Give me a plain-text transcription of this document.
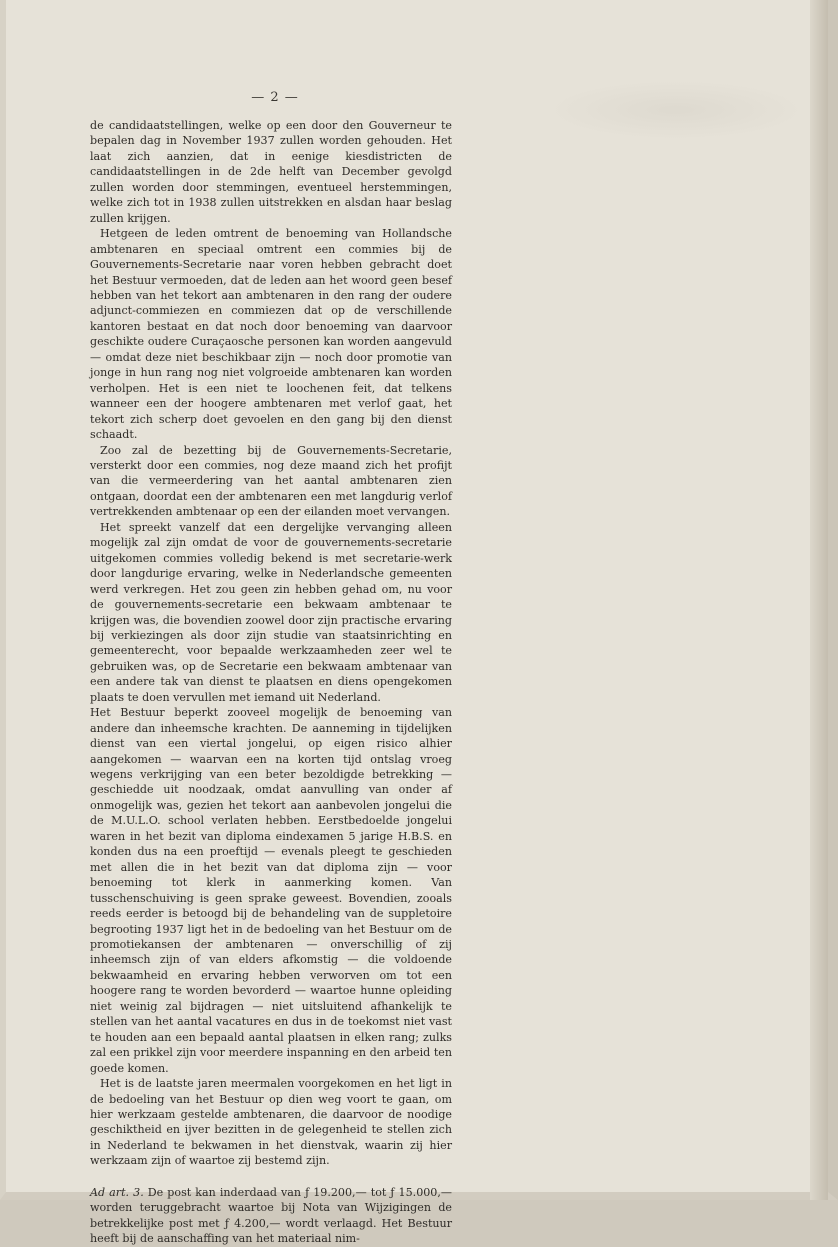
— 2 —

de candidaatstellingen, welke op een door den Gouverneur te bepalen dag in November 1937 zullen worden gehouden. Het laat zich aanzien, dat in eenige kiesdistricten de candidaatstellingen in de 2de helft van December gevolgd zullen worden door stemmingen, eventueel herstemmingen, welke zich tot in 1938 zullen uitstrekken en alsdan haar beslag zullen krijgen.

Hetgeen de leden omtrent de benoeming van Hollandsche ambtenaren en speciaal omtrent een commies bij de Gouvernements-Secretarie naar voren hebben gebracht doet het Bestuur vermoeden, dat de leden aan het woord geen besef hebben van het tekort aan ambtenaren in den rang der oudere adjunct-commiezen en commiezen dat op de verschillende kantoren bestaat en dat noch door benoeming van daarvoor geschikte oudere Curaçaosche personen kan worden aangevuld — omdat deze niet beschikbaar zijn — noch door promotie van jonge in hun rang nog niet volgroeide ambtenaren kan worden verholpen. Het is een niet te loochenen feit, dat telkens wanneer een der hoogere ambtenaren met verlof gaat, het tekort zich scherp doet gevoelen en den gang bij den dienst schaadt.

Zoo zal de bezetting bij de Gouvernements-Secretarie, versterkt door een commies, nog deze maand zich het profijt van die vermeerdering van het aantal ambtenaren zien ontgaan, doordat een der ambtenaren een met langdurig verlof vertrekkenden ambtenaar op een der eilanden moet vervangen.

Het spreekt vanzelf dat een dergelijke vervanging alleen mogelijk zal zijn omdat de voor de gouvernements-secretarie uitgekomen commies volledig bekend is met secretarie-werk door langdurige ervaring, welke in Nederlandsche gemeenten werd verkregen. Het zou geen zin hebben gehad om, nu voor de gouvernements-secretarie een bekwaam ambtenaar te krijgen was, die bovendien zoowel door zijn practische ervaring bij verkiezingen als door zijn studie van staatsinrichting en gemeenterecht, voor bepaalde werkzaamheden zeer wel te gebruiken was, op de Secretarie een bekwaam ambtenaar van een andere tak van dienst te plaatsen en diens opengekomen plaats te doen vervullen met iemand uit Nederland.

Het Bestuur beperkt zooveel mogelijk de benoeming van andere dan inheemsche krachten. De aanneming in tijdelijken dienst van een viertal jongelui, op eigen risico alhier aangekomen — waarvan een na korten tijd ontslag vroeg wegens verkrijging van een beter bezoldigde betrekking — geschiedde uit noodzaak, omdat aanvulling van onder af onmogelijk was, gezien het tekort aan aanbevolen jongelui die de M.U.L.O. school verlaten hebben. Eerstbedoelde jongelui waren in het bezit van diploma eindexamen 5 jarige H.B.S. en konden dus na een proeftijd — evenals pleegt te geschieden met allen die in het bezit van dat diploma zijn — voor benoeming tot klerk in aanmerking komen. Van tusschenschuiving is geen sprake geweest. Bovendien, zooals reeds eerder is betoogd bij de behandeling van de suppletoire begrooting 1937 ligt het in de bedoeling van het Bestuur om de promotiekansen der ambtenaren — onverschillig of zij inheemsch zijn of van elders afkomstig — die voldoende bekwaamheid en ervaring hebben verworven om tot een hoogere rang te worden bevorderd — waartoe hunne opleiding niet weinig zal bijdragen — niet uitsluitend afhankelijk te stellen van het aantal vacatures en dus in de toekomst niet vast te houden aan een bepaald aantal plaatsen in elken rang; zulks zal een prikkel zijn voor meerdere inspanning en den arbeid ten goede komen.

Het is de laatste jaren meermalen voorgekomen en het ligt in de bedoeling van het Bestuur op dien weg voort te gaan, om hier werkzaam gestelde ambtenaren, die daarvoor de noodige geschiktheid en ijver bezitten in de gelegenheid te stellen zich in Nederland te bekwamen in het dienstvak, waarin zij hier werkzaam zijn of waartoe zij bestemd zijn.

Ad art. 3. De post kan inderdaad van ƒ 19.200,— tot ƒ 15.000,— worden teruggebracht waartoe bij Nota van Wijzigingen de betrekkelijke post met ƒ 4.200,— wordt verlaagd. Het Bestuur heeft bij de aanschaffing van het materiaal nim-
